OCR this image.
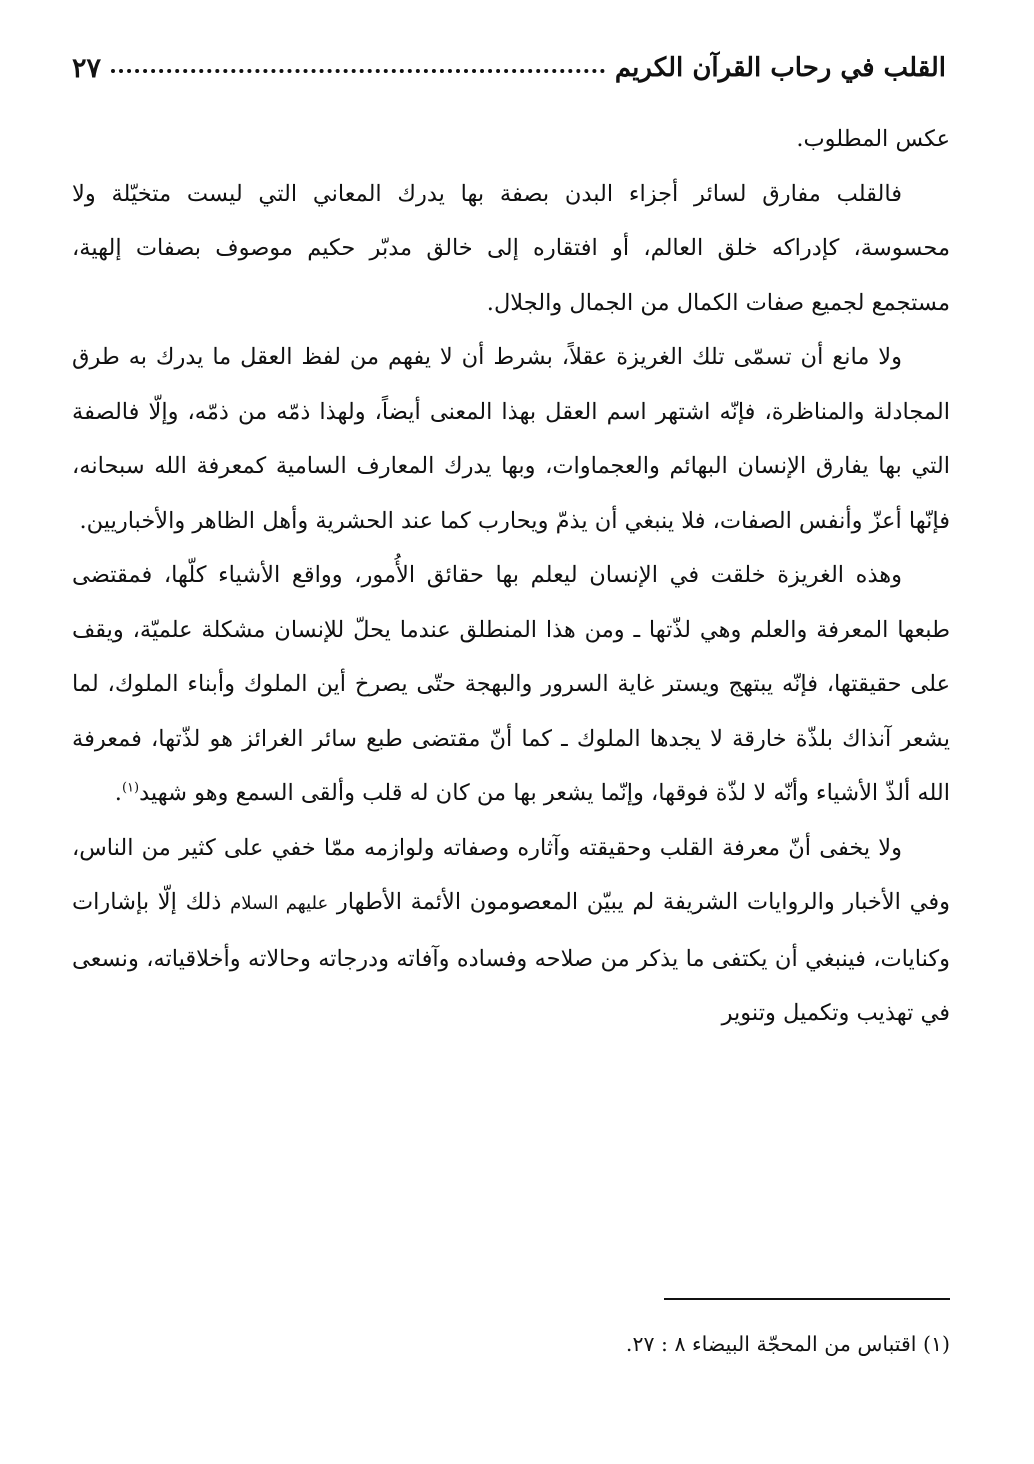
القلب في رحاب القرآن الكريم
٢٧

عكس المطلوب.

فالقلب مفارق لسائر أجزاء البدن بصفة بها يدرك المعاني التي ليست متخيّلة ولا محسوسة، كإدراكه خلق العالم، أو افتقاره إلى خالق مدبّر حكيم موصوف بصفات إلهية، مستجمع لجميع صفات الكمال من الجمال والجلال.

ولا مانع أن تسمّى تلك الغريزة عقلاً، بشرط أن لا يفهم من لفظ العقل ما يدرك به طرق المجادلة والمناظرة، فإنّه اشتهر اسم العقل بهذا المعنى أيضاً، ولهذا ذمّه من ذمّه، وإلّا فالصفة التي بها يفارق الإنسان البهائم والعجماوات، وبها يدرك المعارف السامية كمعرفة الله سبحانه، فإنّها أعزّ وأنفس الصفات، فلا ينبغي أن يذمّ ويحارب كما عند الحشرية وأهل الظاهر والأخباريين.

وهذه الغريزة خلقت في الإنسان ليعلم بها حقائق الأُمور، وواقع الأشياء كلّها، فمقتضى طبعها المعرفة والعلم وهي لذّتها ـ ومن هذا المنطلق عندما يحلّ للإنسان مشكلة علميّة، ويقف على حقيقتها، فإنّه يبتهج ويستر غاية السرور والبهجة حتّى يصرخ أين الملوك وأبناء الملوك، لما يشعر آنذاك بلذّة خارقة لا يجدها الملوك ـ كما أنّ مقتضى طبع سائر الغرائز هو لذّتها، فمعرفة الله ألذّ الأشياء وأنّه لا لذّة فوقها، وإنّما يشعر بها من كان له قلب وألقى السمع وهو شهيد$^{(١)}$.

ولا يخفى أنّ معرفة القلب وحقيقته وآثاره وصفاته ولوازمه ممّا خفي على كثير من الناس، وفي الأخبار والروايات الشريفة لم يبيّن المعصومون الأئمة الأطهار عليهم السلام ذلك إلّا بإشارات وكنايات، فينبغي أن يكتفى ما يذكر من صلاحه وفساده وآفاته ودرجاته وحالاته وأخلاقياته، ونسعى في تهذيب وتكميل وتنوير

(١) اقتباس من المحجّة البيضاء ٨ : ٢٧.
